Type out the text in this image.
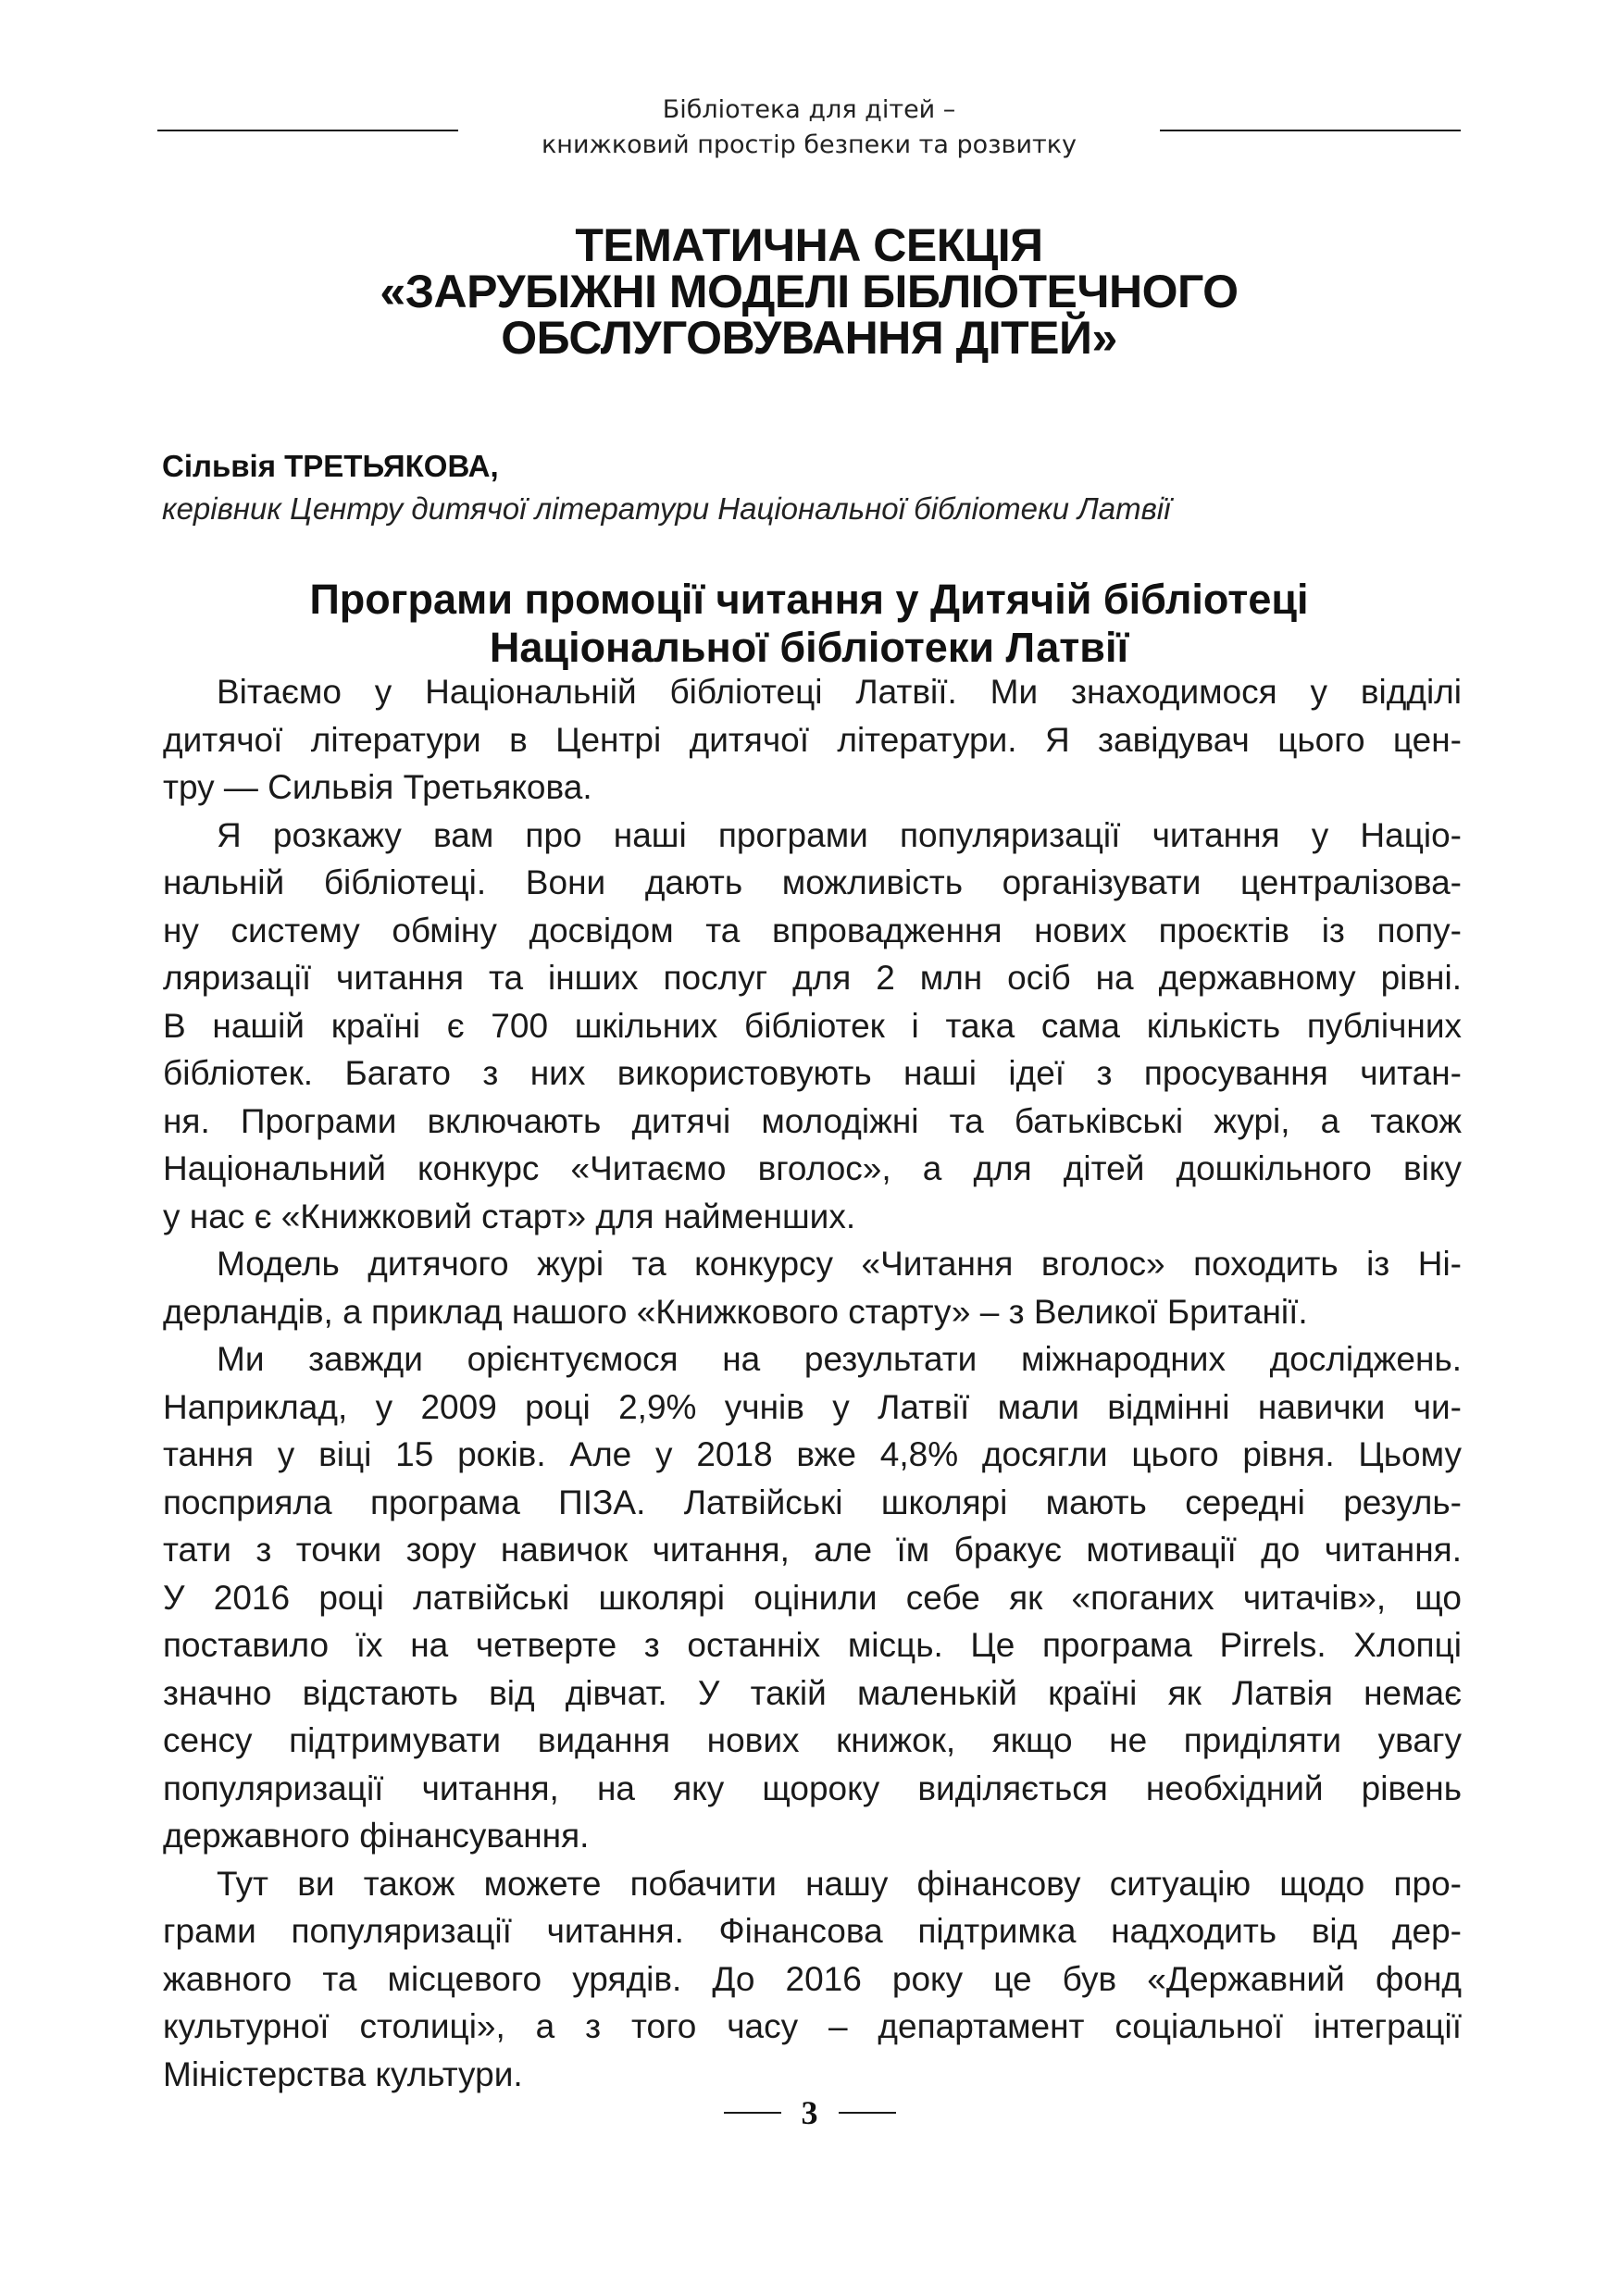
Бібліотека для дітей –
книжковий простір безпеки та розвитку
ТЕМАТИЧНА СЕКЦІЯ
«ЗАРУБІЖНІ МОДЕЛІ БІБЛІОТЕЧНОГО
ОБСЛУГОВУВАННЯ ДІТЕЙ»
Сільвія ТРЕТЬЯКОВА,
керівник Центру дитячої літератури Національної бібліотеки Латвії
Програми промоції читання у Дитячій бібліотеці
Національної бібліотеки Латвії

Вітаємо у Національній бібліотеці Латвії. Ми знаходимося у відділі
дитячої літератури в Центрі дитячої літератури. Я завідувач цього цен-
тру — Сильвія Третьякова.

Я розкажу вам про наші програми популяризації читання у Націо-
нальній бібліотеці. Вони дають можливість організувати централізова-
ну систему обміну досвідом та впровадження нових проєктів із попу-
ляризації читання та інших послуг для 2 млн осіб на державному рівні.
В нашій країні є 700 шкільних бібліотек і така сама кількість публічних
бібліотек. Багато з них використовують наші ідеї з просування читан-
ня. Програми включають дитячі молодіжні та батьківські журі, а також
Національний конкурс «Читаємо вголос», а для дітей дошкільного віку
у нас є «Книжковий старт» для найменших.

Модель дитячого журі та конкурсу «Читання вголос» походить із Ні-
дерландів, а приклад нашого «Книжкового старту» – з Великої Британії.

Ми завжди орієнтуємося на результати міжнародних досліджень.
Наприклад, у 2009 році 2,9% учнів у Латвії мали відмінні навички чи-
тання у віці 15 років. Але у 2018 вже 4,8% досягли цього рівня. Цьому
посприяла програма ПІЗА. Латвійські школярі мають середні резуль-
тати з точки зору навичок читання, але їм бракує мотивації до читання.
У 2016 році латвійські школярі оцінили себе як «поганих читачів», що
поставило їх на четверте з останніх місць. Це програма Pirrels. Хлопці
значно відстають від дівчат. У такій маленькій країні як Латвія немає
сенсу підтримувати видання нових книжок, якщо не приділяти увагу
популяризації читання, на яку щороку виділяється необхідний рівень
державного фінансування.

Тут ви також можете побачити нашу фінансову ситуацію щодо про-
грами популяризації читання. Фінансова підтримка надходить від дер-
жавного та місцевого урядів. До 2016 року це був «Державний фонд
культурної столиці», а з того часу – департамент соціальної інтеграції
Міністерства культури.

3
